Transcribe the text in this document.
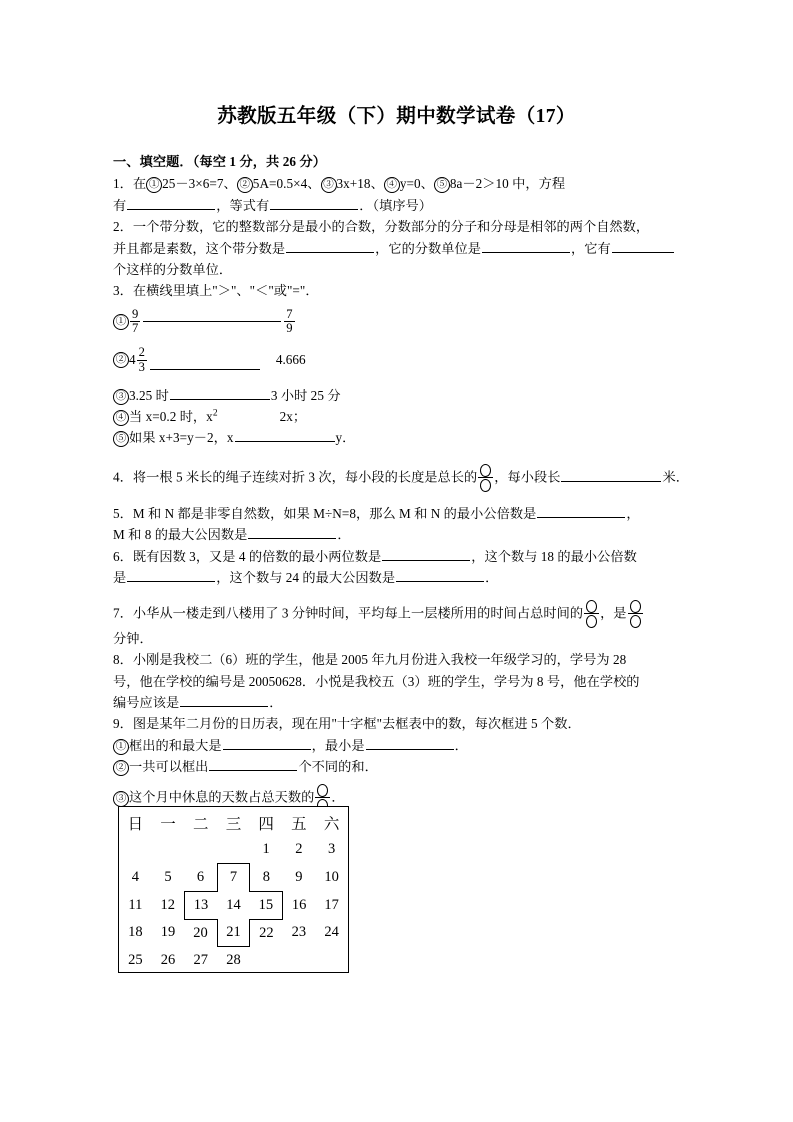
苏教版五年级（下）期中数学试卷（17）

一、填空题．（每空 1 分，共 26 分）

1．在 ① 25－3×6=7、 ② 5A=0.5×4、 ③ 3x+18、 ④ y=0、 ⑤ 8a－2＞10 中，方程
有	，等式有	．（填序号）

2．一个带分数，它的整数部分是最小的合数，分数部分的分子和分母是相邻的两个自然数，
并且都是素数，这个带分数是	，它的分数单位是	，它有
个这样的分数单位．

3．在横线里填上"＞"、"＜"或"="．

① $\frac{9}{7}$	$\frac{7}{9}$
② $4 \frac{2}{3}$	4.666

③ 3.25 时	3 小时 25 分

④ 当 x=0.2 时，$x^2$	2x；

⑤ 如果 x+3=y－2，x	y．

4．将一根 5 米长的绳子连续对折 3 次，每小段的长度是总长的 ，每小段长	米．

5．M 和 N 都是非零自然数，如果 M÷N=8，那么 M 和 N 的最小公倍数是	，
M 和 8 的最大公因数是	．

6．既有因数 3，又是 4 的倍数的最小两位数是	，这个数与 18 的最小公倍数
是	，这个数与 24 的最大公因数是	．

7．小华从一楼走到八楼用了 3 分钟时间，平均每上一层楼所用的时间占总时间的 ，是

分钟．

8．小刚是我校二（6）班的学生，他是 2005 年九月份进入我校一年级学习的，学号为 28
号，他在学校的编号是 20050628．小悦是我校五（3）班的学生，学号为 8 号，他在学校的
编号应该是	．

9．图是某年二月份的日历表，现在用"十字框"去框表中的数，每次框进 5 个数．

① 框出的和最大是	，最小是	．

② 一共可以框出	个不同的和．

③ 这个月中休息的天数占总天数的 ．

日	一	二	三	四	五	六
				1	2	3
4	5	6	7	8	9	10
11	12	13	14	15	16	17
18	19	20	21	22	23	24
25	26	27	28			
